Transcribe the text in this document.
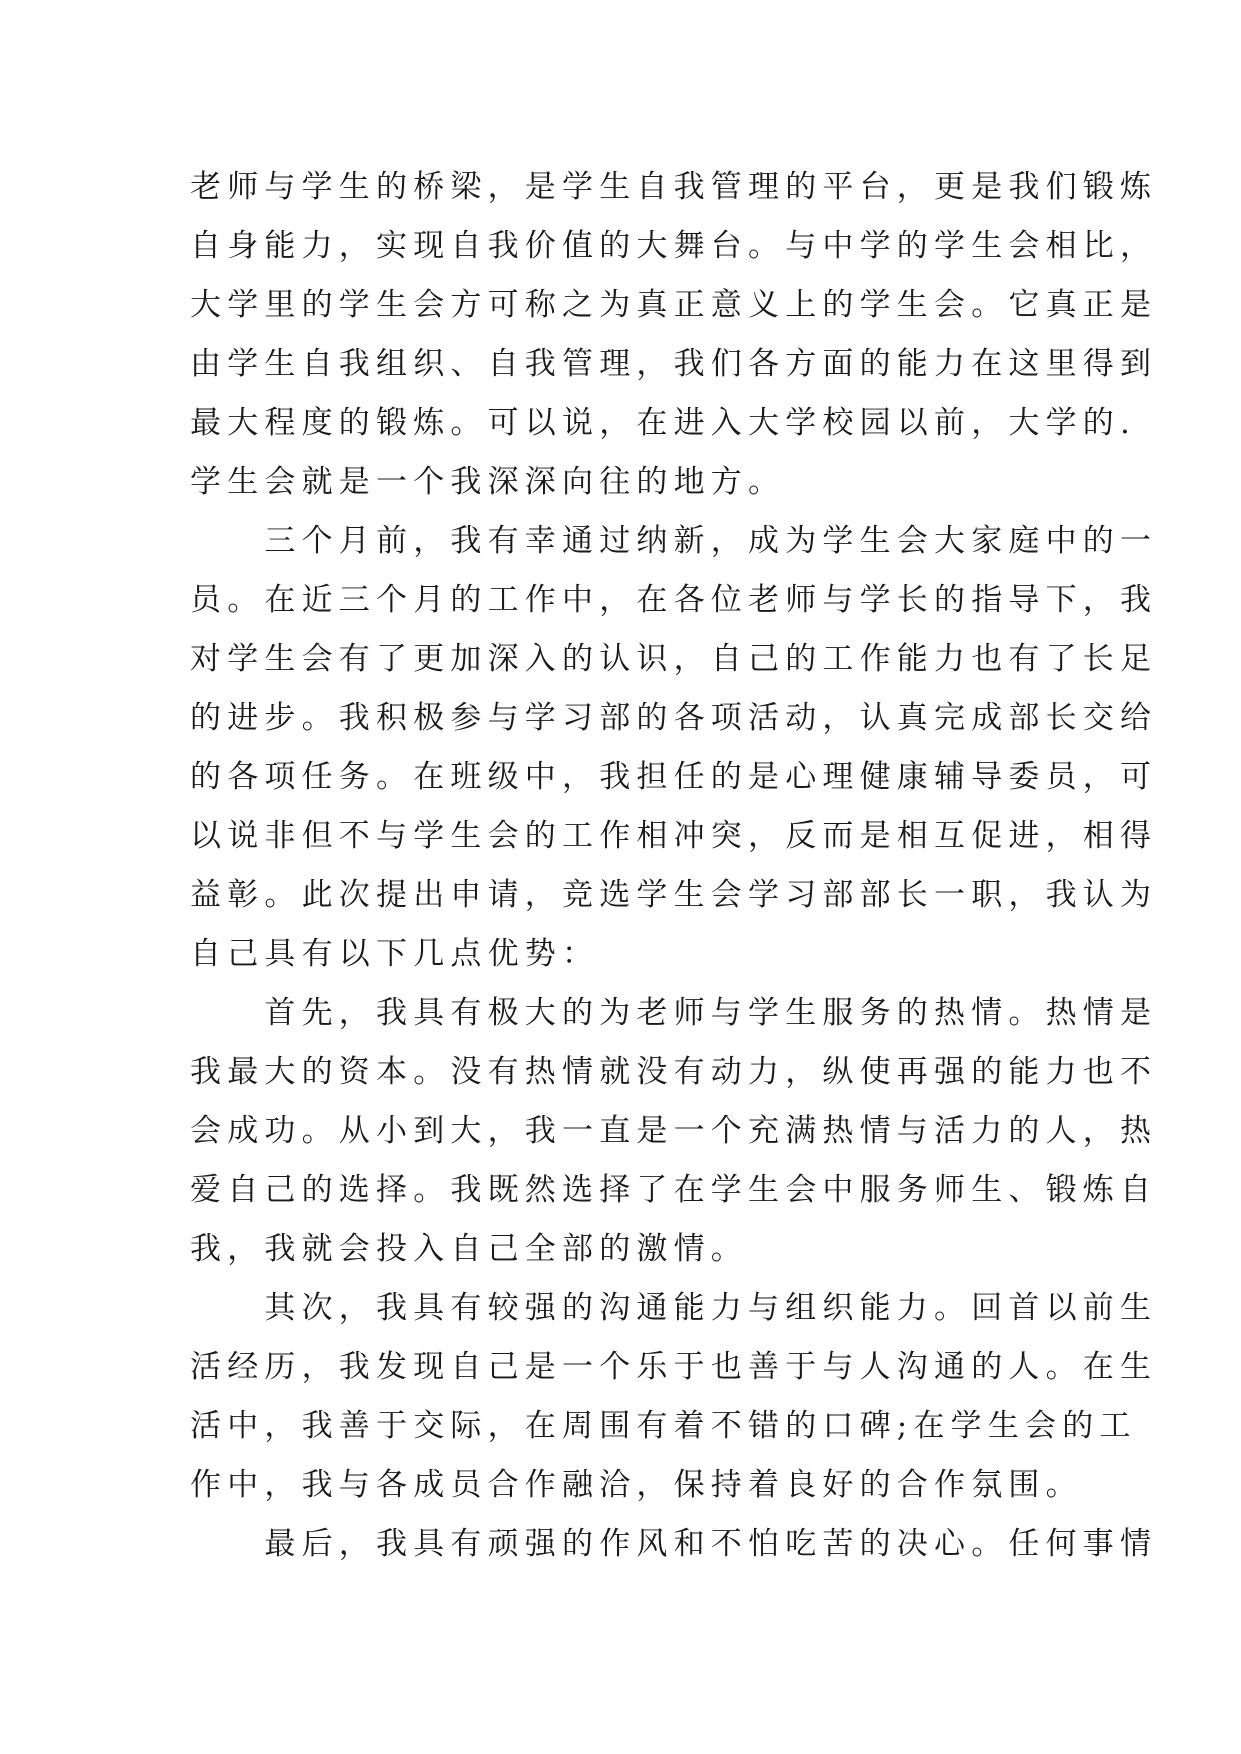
老师与学生的桥梁，是学生自我管理的平台，更是我们锻炼
自身能力，实现自我价值的大舞台。与中学的学生会相比，
大学里的学生会方可称之为真正意义上的学生会。它真正是
由学生自我组织、自我管理，我们各方面的能力在这里得到
最大程度的锻炼。可以说，在进入大学校园以前，大学的.
学生会就是一个我深深向往的地方。
　　三个月前，我有幸通过纳新，成为学生会大家庭中的一
员。在近三个月的工作中，在各位老师与学长的指导下，我
对学生会有了更加深入的认识，自己的工作能力也有了长足
的进步。我积极参与学习部的各项活动，认真完成部长交给
的各项任务。在班级中，我担任的是心理健康辅导委员，可
以说非但不与学生会的工作相冲突，反而是相互促进，相得
益彰。此次提出申请，竞选学生会学习部部长一职，我认为
自己具有以下几点优势：
　　首先，我具有极大的为老师与学生服务的热情。热情是
我最大的资本。没有热情就没有动力，纵使再强的能力也不
会成功。从小到大，我一直是一个充满热情与活力的人，热
爱自己的选择。我既然选择了在学生会中服务师生、锻炼自
我，我就会投入自己全部的激情。
　　其次，我具有较强的沟通能力与组织能力。回首以前生
活经历，我发现自己是一个乐于也善于与人沟通的人。在生
活中，我善于交际，在周围有着不错的口碑;在学生会的工
作中，我与各成员合作融洽，保持着良好的合作氛围。
　　最后，我具有顽强的作风和不怕吃苦的决心。任何事情
